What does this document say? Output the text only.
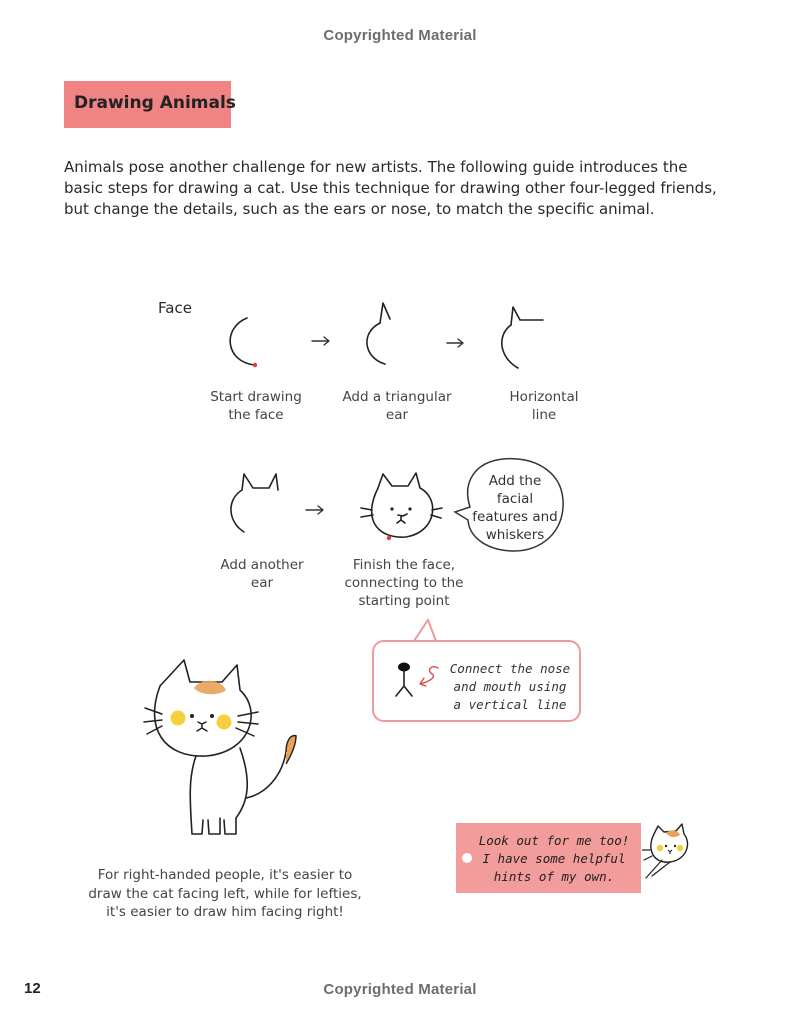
Copyrighted Material
Drawing Animals
Animals pose another challenge for new artists. The following guide introduces the basic steps for drawing a cat. Use this technique for drawing other four-legged friends, but change the details, such as the ears or nose, to match the specific animal.
Face
Start drawing
the face
Add a triangular
ear
Horizontal
line
Add another
ear
Finish the face,
connecting to the
starting point
Add the
facial
features and
whiskers
Connect the nose
and mouth using
a vertical line
For right-handed people, it's easier to
draw the cat facing left, while for lefties,
it's easier to draw him facing right!
Look out for me too!
I have some helpful
hints of my own.
12	Copyrighted Material
